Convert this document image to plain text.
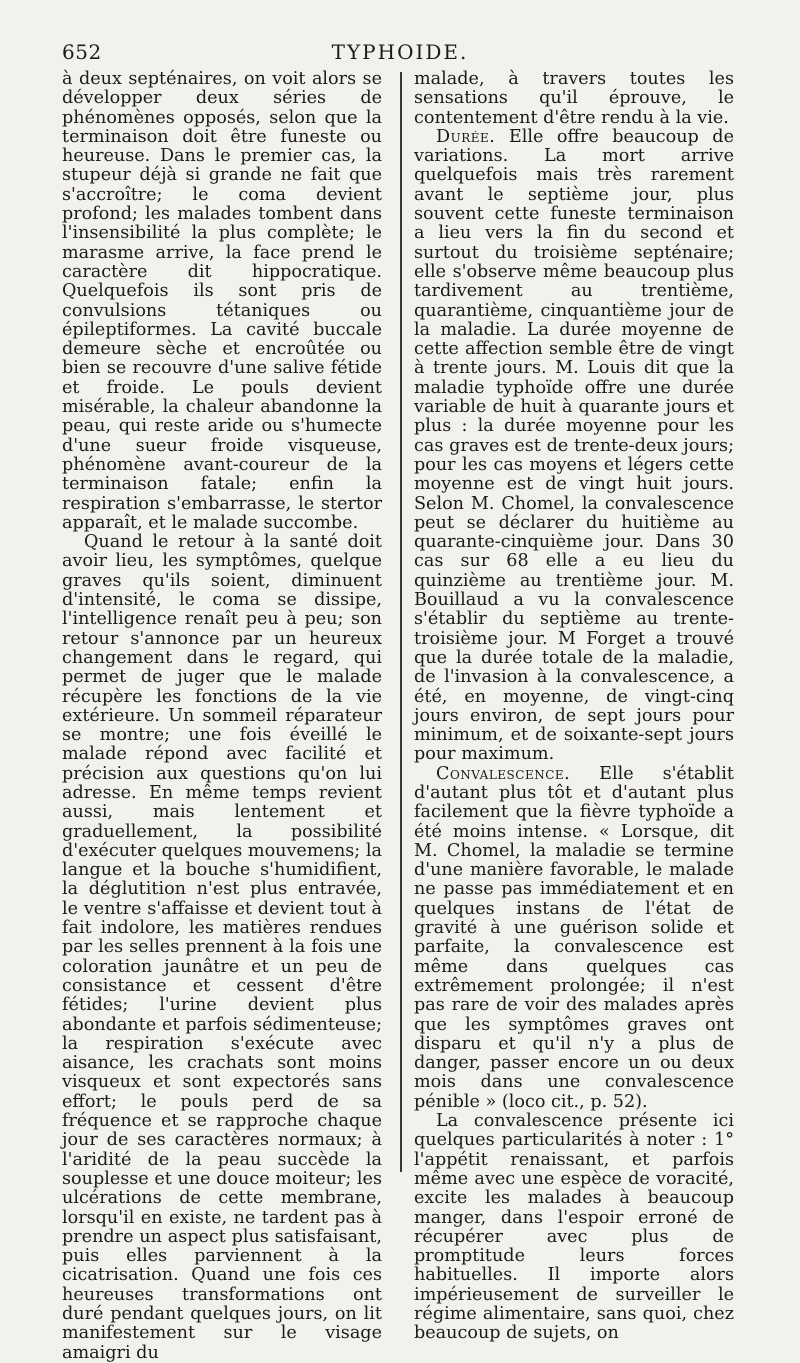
652	TYPHOIDE.

à deux septénaires, on voit alors se développer deux séries de phénomènes opposés, selon que la terminaison doit être funeste ou heureuse. Dans le premier cas, la stupeur déjà si grande ne fait que s'accroître; le coma devient profond; les malades tombent dans l'insensibilité la plus complète; le marasme arrive, la face prend le caractère dit hippocratique. Quelquefois ils sont pris de convulsions tétaniques ou épileptiformes. La cavité buccale demeure sèche et encroûtée ou bien se recouvre d'une salive fétide et froide. Le pouls devient misérable, la chaleur abandonne la peau, qui reste aride ou s'humecte d'une sueur froide visqueuse, phénomène avant-coureur de la terminaison fatale; enfin la respiration s'embarrasse, le stertor apparaît, et le malade succombe.

Quand le retour à la santé doit avoir lieu, les symptômes, quelque graves qu'ils soient, diminuent d'intensité, le coma se dissipe, l'intelligence renaît peu à peu; son retour s'annonce par un heureux changement dans le regard, qui permet de juger que le malade récupère les fonctions de la vie extérieure. Un sommeil réparateur se montre; une fois éveillé le malade répond avec facilité et précision aux questions qu'on lui adresse. En même temps revient aussi, mais lentement et graduellement, la possibilité d'exécuter quelques mouvemens; la langue et la bouche s'humidifient, la déglutition n'est plus entravée, le ventre s'affaisse et devient tout à fait indolore, les matières rendues par les selles prennent à la fois une coloration jaunâtre et un peu de consistance et cessent d'être fétides; l'urine devient plus abondante et parfois sédimenteuse; la respiration s'exécute avec aisance, les crachats sont moins visqueux et sont expectorés sans effort; le pouls perd de sa fréquence et se rapproche chaque jour de ses caractères normaux; à l'aridité de la peau succède la souplesse et une douce moiteur; les ulcérations de cette membrane, lorsqu'il en existe, ne tardent pas à prendre un aspect plus satisfaisant, puis elles parviennent à la cicatrisation. Quand une fois ces heureuses transformations ont duré pendant quelques jours, on lit manifestement sur le visage amaigri du

malade, à travers toutes les sensations qu'il éprouve, le contentement d'être rendu à la vie.

Durée. Elle offre beaucoup de variations. La mort arrive quelquefois mais très rarement avant le septième jour, plus souvent cette funeste terminaison a lieu vers la fin du second et surtout du troisième septénaire; elle s'observe même beaucoup plus tardivement au trentième, quarantième, cinquantième jour de la maladie. La durée moyenne de cette affection semble être de vingt à trente jours. M. Louis dit que la maladie typhoïde offre une durée variable de huit à quarante jours et plus : la durée moyenne pour les cas graves est de trente-deux jours; pour les cas moyens et légers cette moyenne est de vingt huit jours. Selon M. Chomel, la convalescence peut se déclarer du huitième au quarante-cinquième jour. Dans 30 cas sur 68 elle a eu lieu du quinzième au trentième jour. M. Bouillaud a vu la convalescence s'établir du septième au trente-troisième jour. M Forget a trouvé que la durée totale de la maladie, de l'invasion à la convalescence, a été, en moyenne, de vingt-cinq jours environ, de sept jours pour minimum, et de soixante-sept jours pour maximum.

Convalescence. Elle s'établit d'autant plus tôt et d'autant plus facilement que la fièvre typhoïde a été moins intense. « Lorsque, dit M. Chomel, la maladie se termine d'une manière favorable, le malade ne passe pas immédiatement et en quelques instans de l'état de gravité à une guérison solide et parfaite, la convalescence est même dans quelques cas extrêmement prolongée; il n'est pas rare de voir des malades après que les symptômes graves ont disparu et qu'il n'y a plus de danger, passer encore un ou deux mois dans une convalescence pénible » (loco cit., p. 52).

La convalescence présente ici quelques particularités à noter : 1° l'appétit renaissant, et parfois même avec une espèce de voracité, excite les malades à beaucoup manger, dans l'espoir erroné de récupérer avec plus de promptitude leurs forces habituelles. Il importe alors impérieusement de surveiller le régime alimentaire, sans quoi, chez beaucoup de sujets, on
